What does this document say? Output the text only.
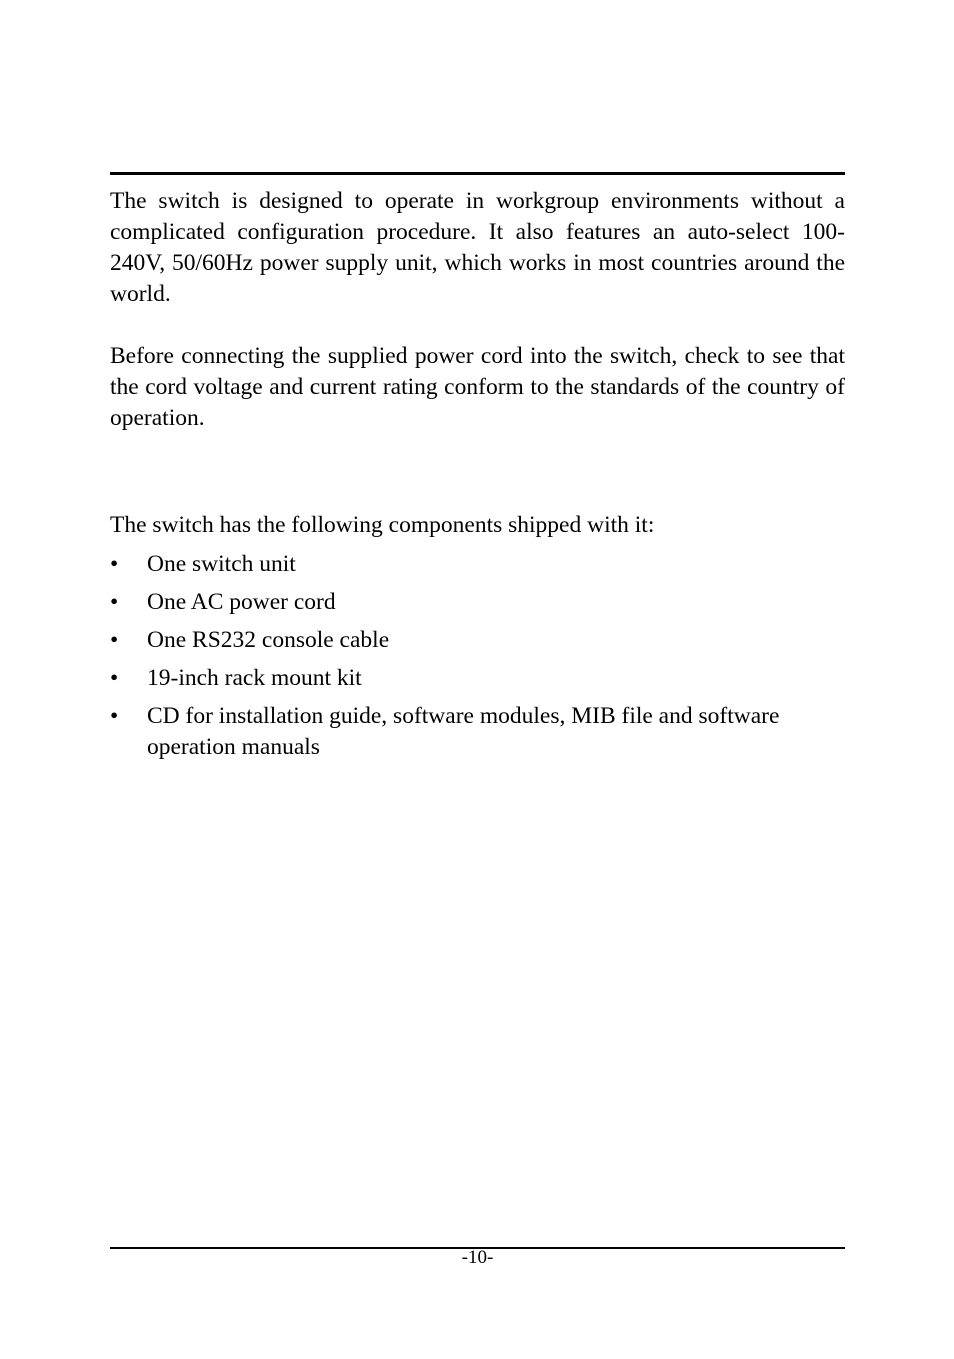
The switch is designed to operate in workgroup environments without a complicated configuration procedure. It also features an auto-select 100-240V, 50/60Hz power supply unit, which works in most countries around the world.

Before connecting the supplied power cord into the switch, check to see that the cord voltage and current rating conform to the standards of the country of operation.

The switch has the following components shipped with it:

• One switch unit
• One AC power cord
• One RS232 console cable
• 19-inch rack mount kit
• CD for installation guide, software modules, MIB file and software operation manuals
-10-
